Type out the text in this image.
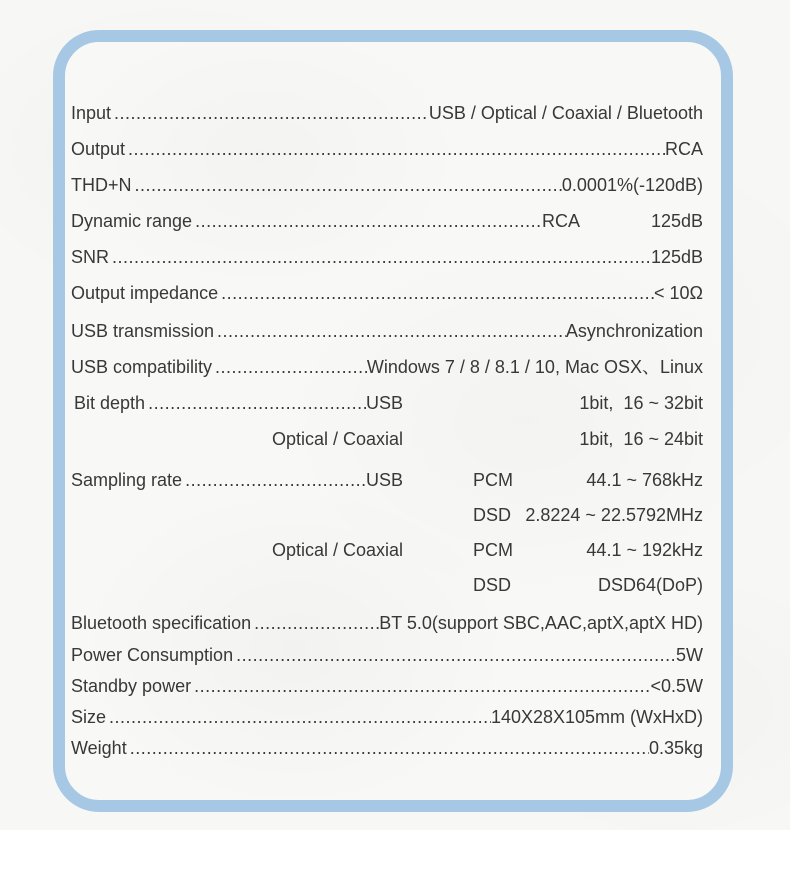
Input .....	USB / Optical / Coaxial / Bluetooth
Output .....	RCA
THD+N .....	0.0001%(-120dB)
Dynamic range .....	RCA	125dB
SNR .....	125dB
Output impedance .....	< 10Ω
USB transmission .....	Asynchronization
USB compatibility .....	Windows 7 / 8 / 8.1 / 10, Mac OSX、Linux
Bit depth .....	USB	1bit,  16 ~ 32bit
Optical / Coaxial	1bit,  16 ~ 24bit
Sampling rate .....	USB	PCM	44.1 ~ 768kHz
DSD 2.8224 ~ 22.5792MHz
Optical / Coaxial	PCM	44.1 ~ 192kHz
DSD	DSD64(DoP)
Bluetooth specification .....	BT 5.0(support SBC,AAC,aptX,aptX HD)
Power Consumption .....	5W
Standby power .....	<0.5W
Size .....	140X28X105mm (WxHxD)
Weight .....	0.35kg
